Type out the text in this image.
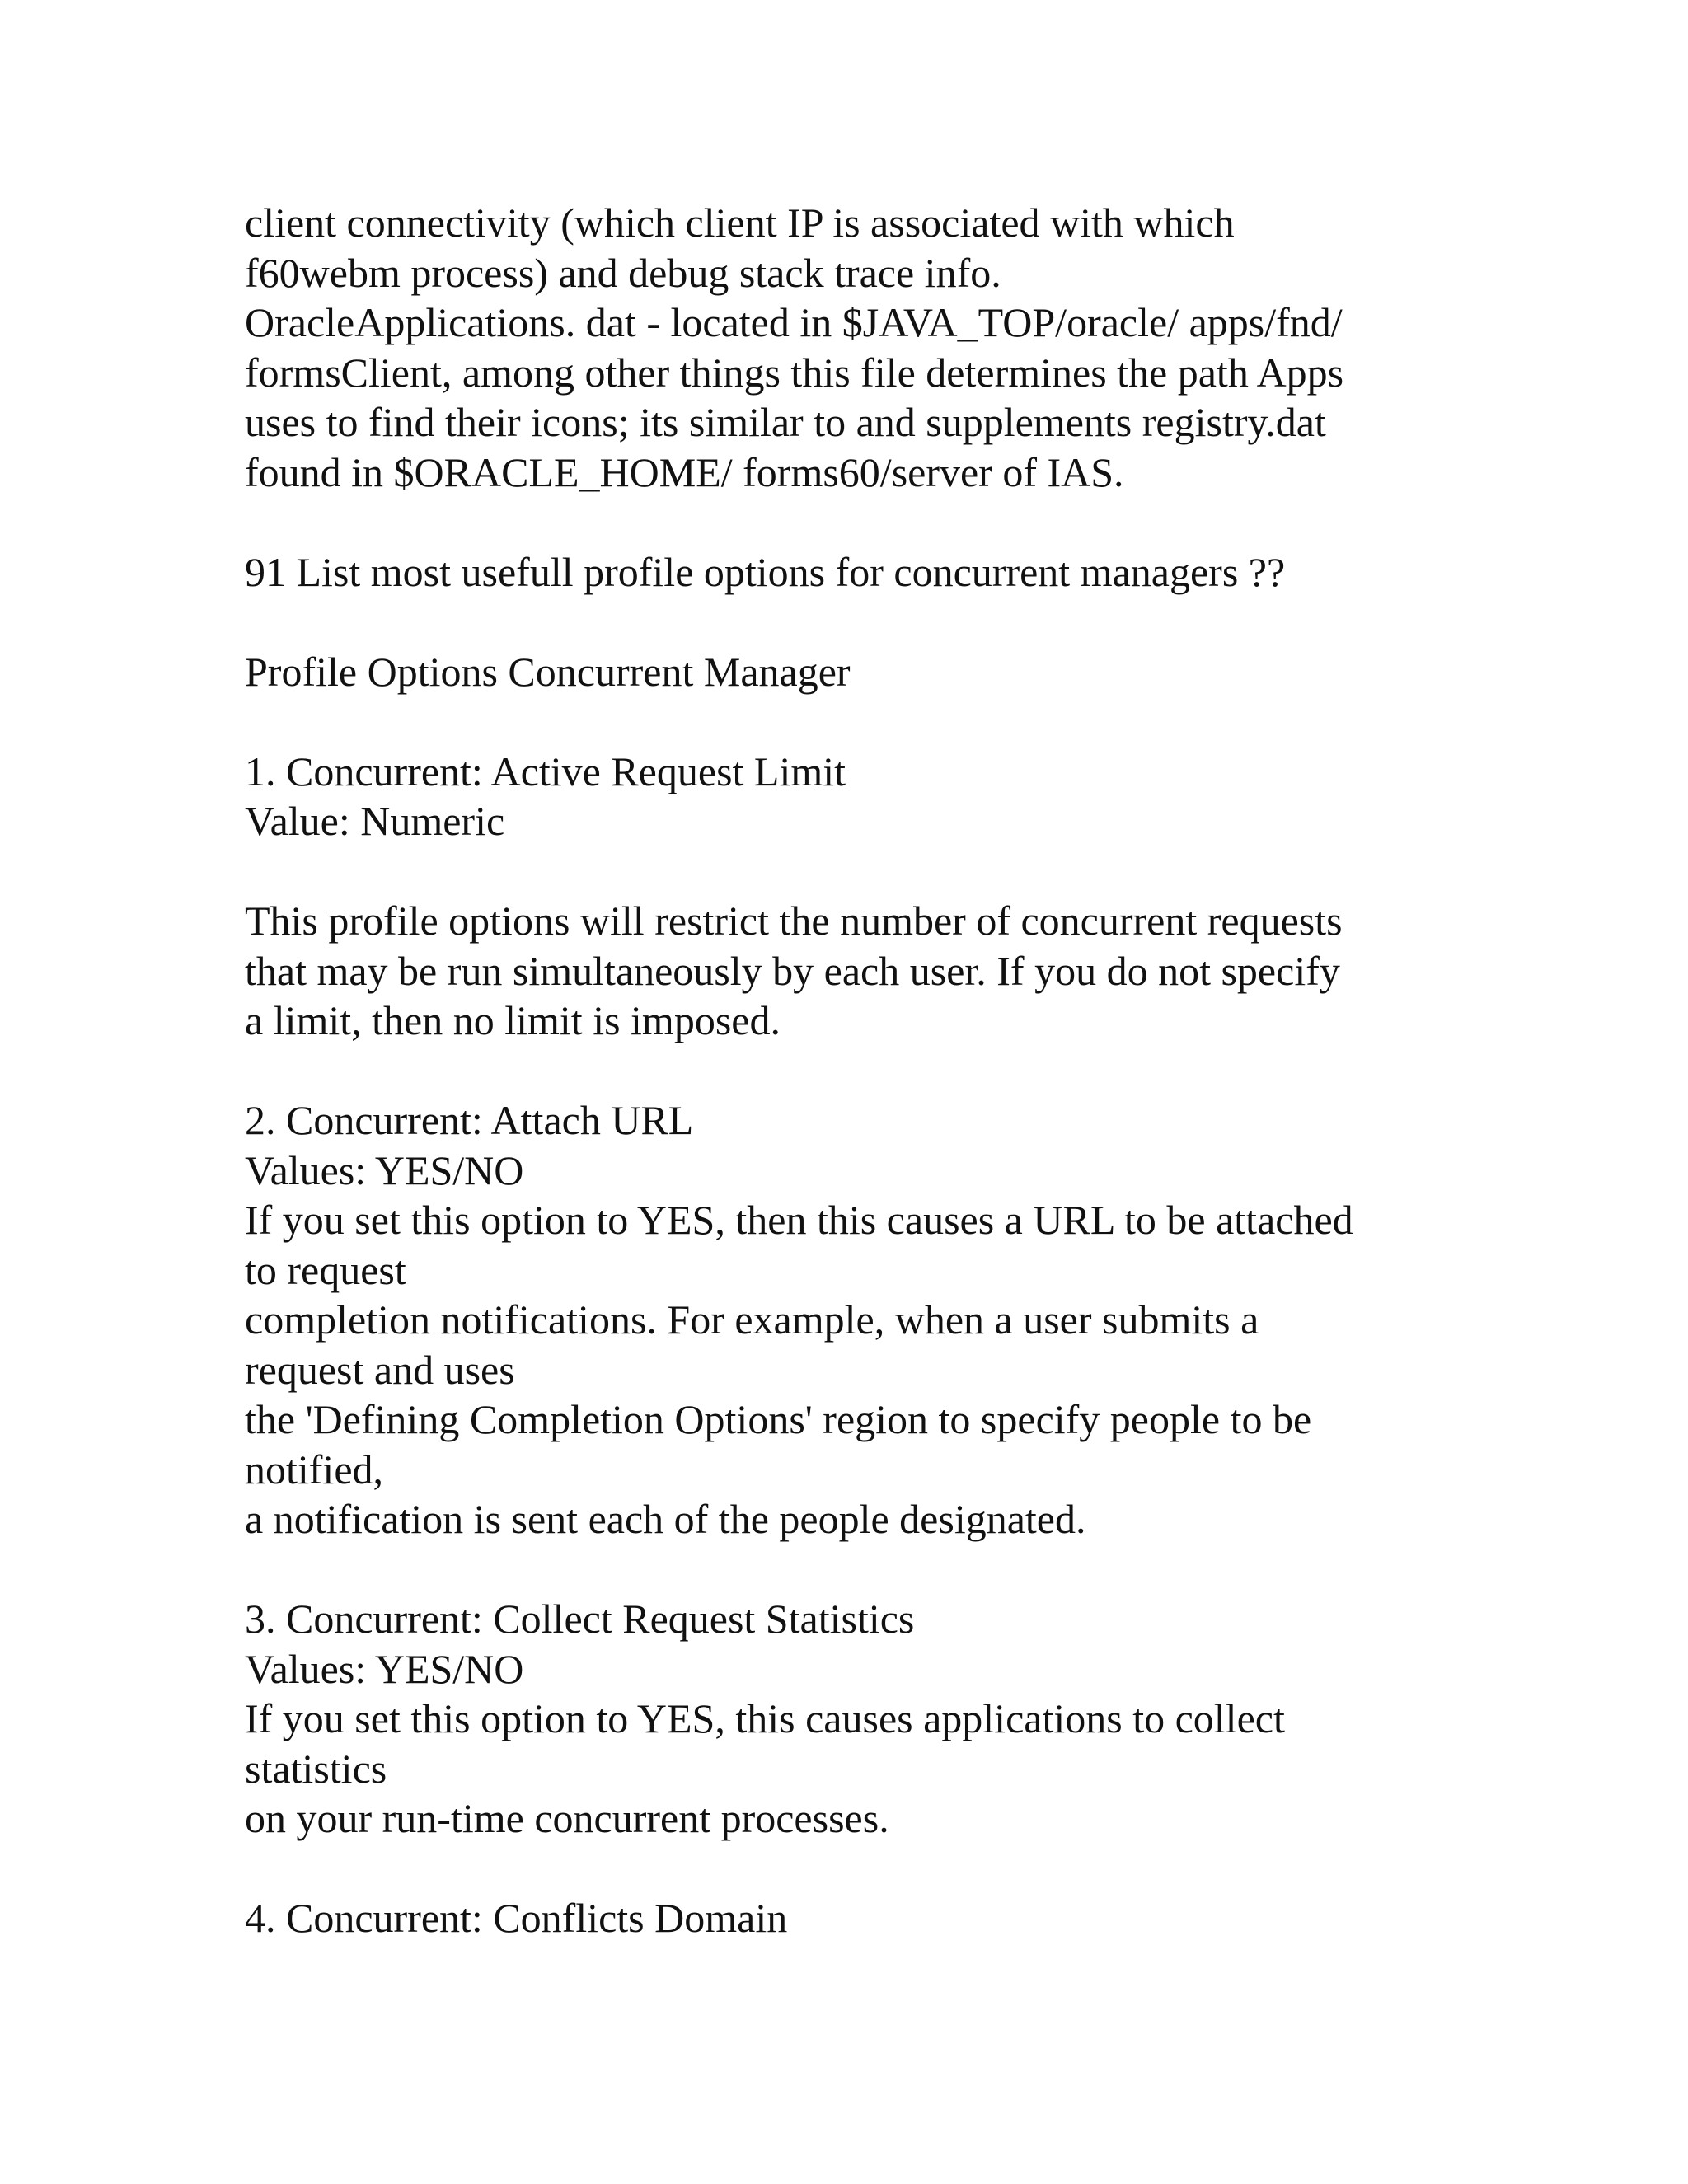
client connectivity (which client IP is associated with which
f60webm process) and debug stack trace info.
OracleApplications. dat - located in $JAVA_TOP/oracle/ apps/fnd/
formsClient, among other things this file determines the path Apps
uses to find their icons; its similar to and supplements registry.dat
found in $ORACLE_HOME/ forms60/server of IAS.
91 List most usefull profile options for concurrent managers ??
Profile Options Concurrent Manager
1. Concurrent: Active Request Limit
Value: Numeric
This profile options will restrict the number of concurrent requests
that may be run simultaneously by each user. If you do not specify
a limit, then no limit is imposed.
2. Concurrent: Attach URL
Values: YES/NO
If you set this option to YES, then this causes a URL to be attached
to request
completion notifications. For example, when a user submits a
request and uses
the 'Defining Completion Options' region to specify people to be
notified,
a notification is sent each of the people designated.
3. Concurrent: Collect Request Statistics
Values: YES/NO
If you set this option to YES, this causes applications to collect
statistics
on your run-time concurrent processes.
4. Concurrent: Conflicts Domain
